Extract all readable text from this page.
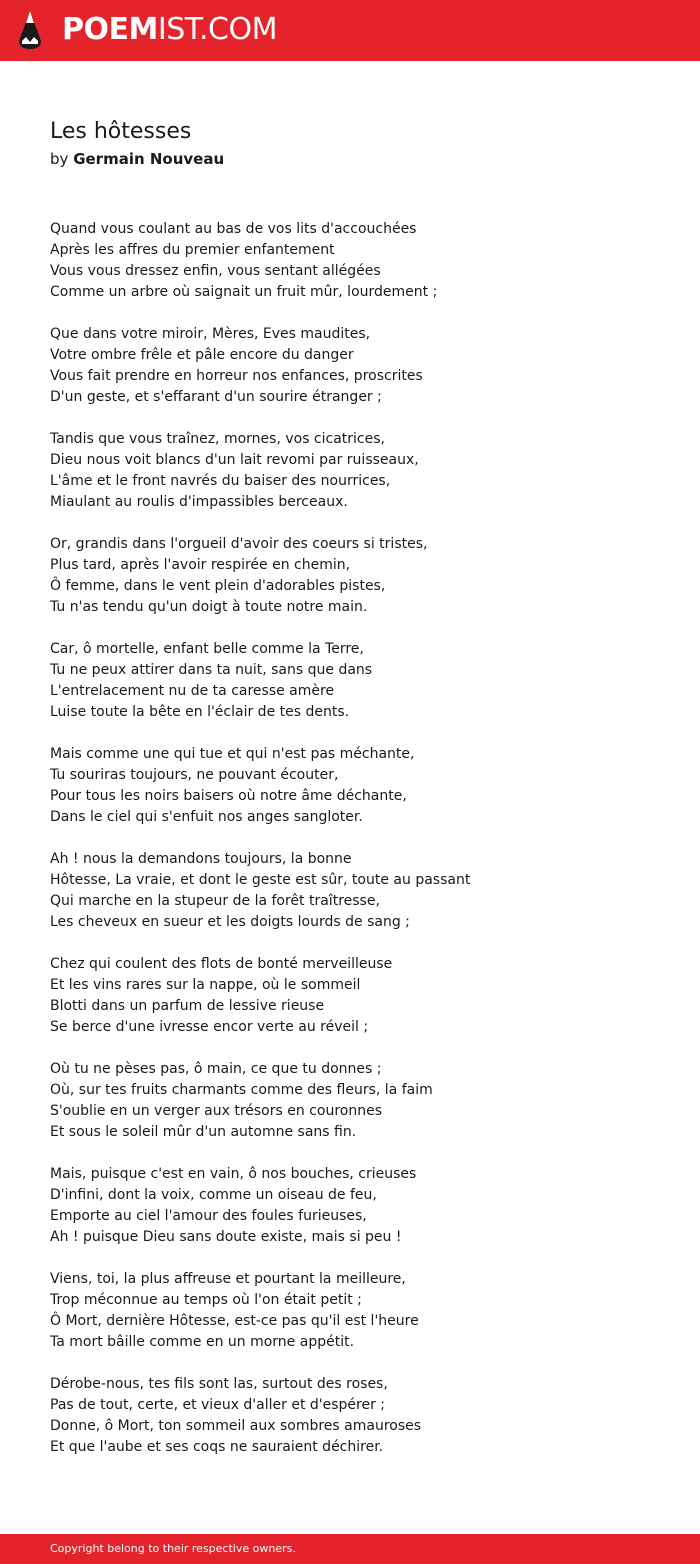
POEMIST.COM
Les hôtesses
by Germain Nouveau
Quand vous coulant au bas de vos lits d'accouchées
Après les affres du premier enfantement
Vous vous dressez enfin, vous sentant allégées
Comme un arbre où saignait un fruit mûr, lourdement ;
Que dans votre miroir, Mères, Eves maudites,
Votre ombre frêle et pâle encore du danger
Vous fait prendre en horreur nos enfances, proscrites
D'un geste, et s'effarant d'un sourire étranger ;
Tandis que vous traînez, mornes, vos cicatrices,
Dieu nous voit blancs d'un lait revomi par ruisseaux,
L'âme et le front navrés du baiser des nourrices,
Miaulant au roulis d'impassibles berceaux.
Or, grandis dans l'orgueil d'avoir des coeurs si tristes,
Plus tard, après l'avoir respirée en chemin,
Ô femme, dans le vent plein d'adorables pistes,
Tu n'as tendu qu'un doigt à toute notre main.
Car, ô mortelle, enfant belle comme la Terre,
Tu ne peux attirer dans ta nuit, sans que dans
L'entrelacement nu de ta caresse amère
Luise toute la bête en l'éclair de tes dents.
Mais comme une qui tue et qui n'est pas méchante,
Tu souriras toujours, ne pouvant écouter,
Pour tous les noirs baisers où notre âme déchante,
Dans le ciel qui s'enfuit nos anges sangloter.
Ah ! nous la demandons toujours, la bonne
Hôtesse, La vraie, et dont le geste est sûr, toute au passant
Qui marche en la stupeur de la forêt traîtresse,
Les cheveux en sueur et les doigts lourds de sang ;
Chez qui coulent des flots de bonté merveilleuse
Et les vins rares sur la nappe, où le sommeil
Blotti dans un parfum de lessive rieuse
Se berce d'une ivresse encor verte au réveil ;
Où tu ne pèses pas, ô main, ce que tu donnes ;
Où, sur tes fruits charmants comme des fleurs, la faim
S'oublie en un verger aux trésors en couronnes
Et sous le soleil mûr d'un automne sans fin.
Mais, puisque c'est en vain, ô nos bouches, crieuses
D'infini, dont la voix, comme un oiseau de feu,
Emporte au ciel l'amour des foules furieuses,
Ah ! puisque Dieu sans doute existe, mais si peu !
Viens, toi, la plus affreuse et pourtant la meilleure,
Trop méconnue au temps où l'on était petit ;
Ô Mort, dernière Hôtesse, est-ce pas qu'il est l'heure
Ta mort bâille comme en un morne appétit.
Dérobe-nous, tes fils sont las, surtout des roses,
Pas de tout, certe, et vieux d'aller et d'espérer ;
Donne, ô Mort, ton sommeil aux sombres amauroses
Et que l'aube et ses coqs ne sauraient déchirer.
Copyright belong to their respective owners.
